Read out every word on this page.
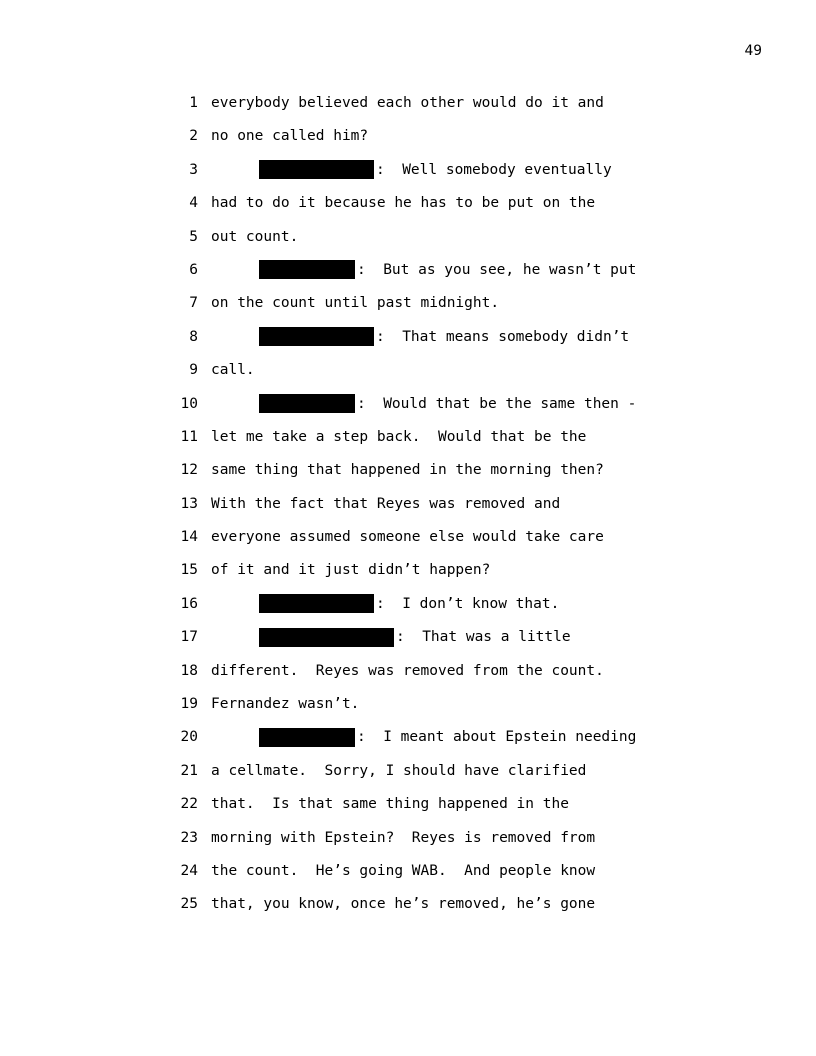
49
1 everybody believed each other would do it and
2 no one called him?
3	:  Well somebody eventually
4 had to do it because he has to be put on the
5 out count.
6	:  But as you see, he wasn’t put
7 on the count until past midnight.
8	:  That means somebody didn’t
9 call.
10	:  Would that be the same then -
11 let me take a step back.  Would that be the
12 same thing that happened in the morning then?
13 With the fact that Reyes was removed and
14 everyone assumed someone else would take care
15 of it and it just didn’t happen?
16	:  I don’t know that.
17	:  That was a little
18 different.  Reyes was removed from the count.
19 Fernandez wasn’t.
20	:  I meant about Epstein needing
21 a cellmate.  Sorry, I should have clarified
22 that.  Is that same thing happened in the
23 morning with Epstein?  Reyes is removed from
24 the count.  He’s going WAB.  And people know
25 that, you know, once he’s removed, he’s gone
